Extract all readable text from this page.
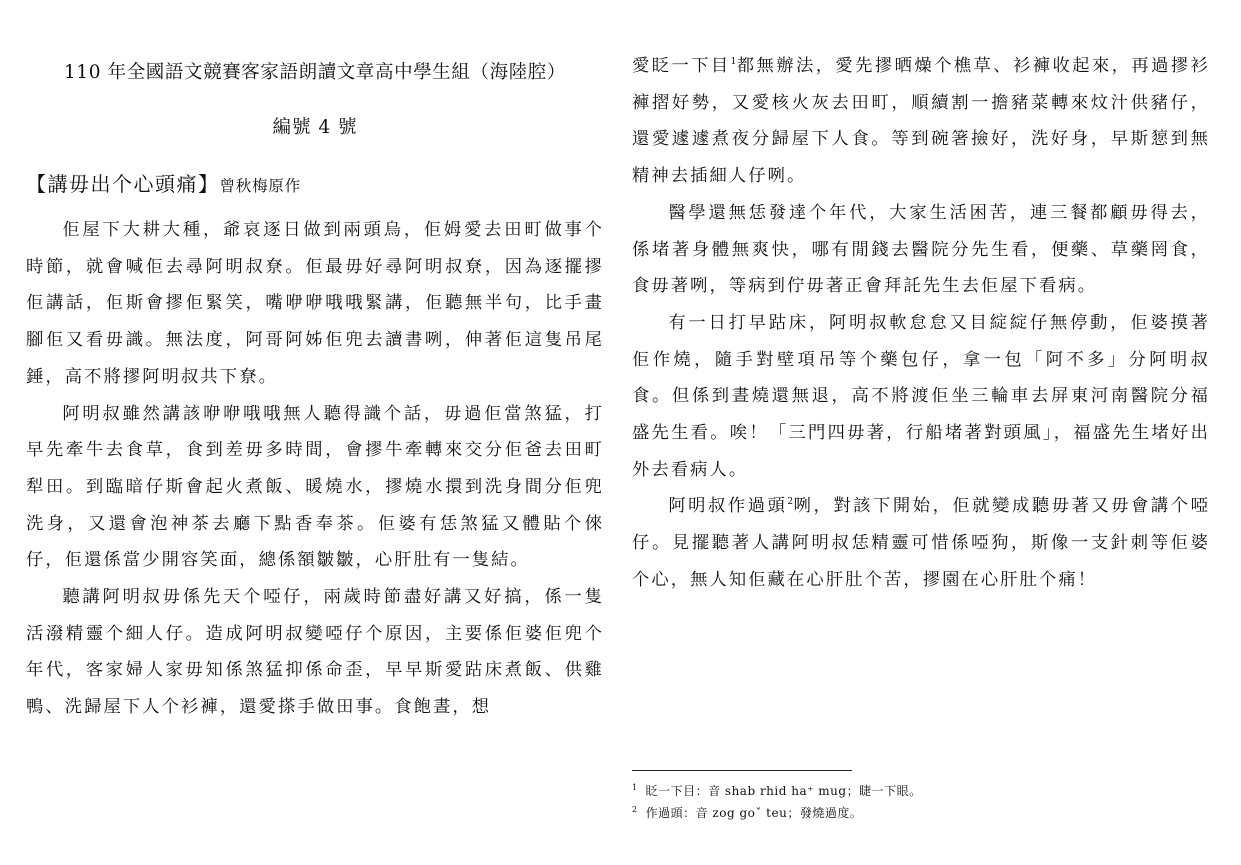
110 年全國語文競賽客家語朗讀文章高中學生組（海陸腔）
編號 4 號
【講毋出个心頭痛】曾秋梅原作

佢屋下大耕大種，爺哀逐日做到兩頭烏，佢姆愛去田町做事个時節，就會喊佢去尋阿明叔尞。佢最毋好尋阿明叔尞，因為逐擺摎佢講話，佢斯會摎佢緊笑，嘴咿咿哦哦緊講，佢聽無半句，比手畫腳佢又看毋識。無法度，阿哥阿姊佢兜去讀書咧，伸著佢這隻吊尾錘，高不將摎阿明叔共下尞。

阿明叔雖然講該咿咿哦哦無人聽得識个話，毋過佢當煞猛，打早先牽牛去食草，食到差毋多時間，會摎牛牽轉來交分佢爸去田町犁田。到臨暗仔斯會起火煮飯、暖燒水，摎燒水擐到洗身間分佢兜洗身，又還會泡神茶去廳下點香奉茶。佢婆有恁煞猛又體貼个倈仔，佢還係當少開容笑面，總係額皺皺，心肝肚有一隻結。

聽講阿明叔毋係先天个啞仔，兩歲時節盡好講又好搞，係一隻活潑精靈个細人仔。造成阿明叔變啞仔个原因，主要係佢婆佢兜个年代，客家婦人家毋知係煞猛抑係命歪，早早斯愛跍床煮飯、供雞鴨、洗歸屋下人个衫褲，還愛搽手做田事。食飽晝，想

愛眨一下目$^1$都無辦法，愛先摎晒燥个樵草、衫褲收起來，再過摎衫褲摺好勢，又愛核火灰去田町，順續割一擔豬菜轉來炆汁供豬仔，還愛遽遽煮夜分歸屋下人食。等到碗箸撿好，洗好身，早斯𢠃到無精神去插細人仔咧。

醫學還無恁發達个年代，大家生活困苦，連三餐都顧毋得去，係堵著身體無爽快，哪有閒錢去醫院分先生看，便藥、草藥罔食，食毋著咧，等病到佇毋著正會拜託先生去佢屋下看病。

有一日打早跍床，阿明叔軟怠怠又目綻綻仔無停動，佢婆摸著佢作燒，隨手對壁項吊等个藥包仔，拿一包「阿不多」分阿明叔食。但係到晝燒還無退，高不將渡佢坐三輪車去屏東河南醫院分福盛先生看。唉！「三門四毋著，行船堵著對頭風」，福盛先生堵好出外去看病人。

阿明叔作過頭$^2$咧，對該下開始，佢就變成聽毋著又毋會講个啞仔。見擺聽著人講阿明叔恁精靈可惜係啞狗，斯像一支針刺等佢婆个心，無人知佢藏在心肝肚个苦，摎園在心肝肚个痛！

$^1$ 眨一下目：音 shab rhid ha⁺ mug；睫一下眼。
$^2$ 作過頭：音 zog goˇ teu；發燒過度。
